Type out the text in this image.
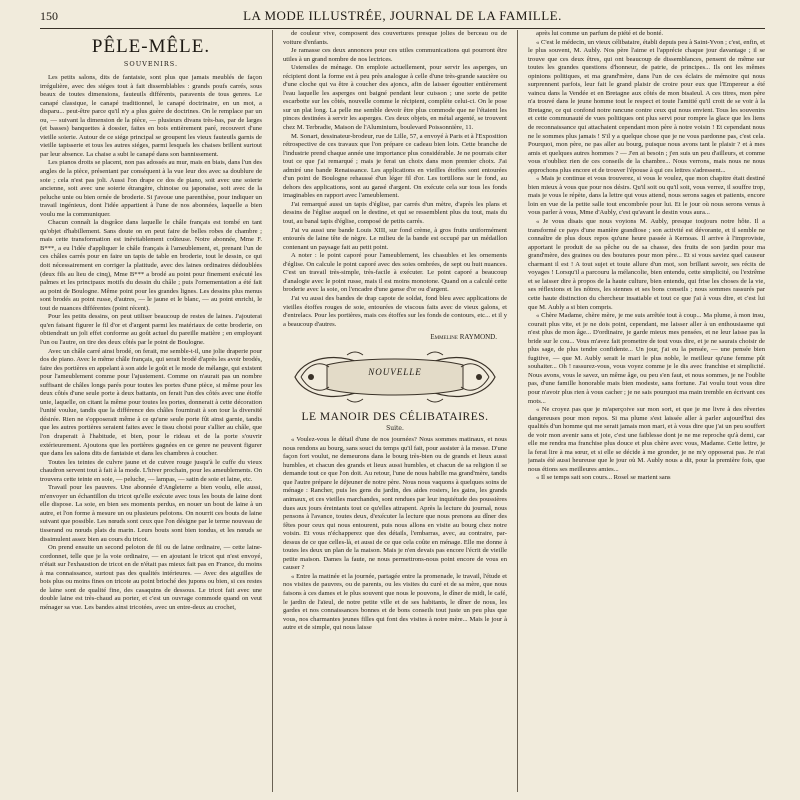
150	LA MODE ILLUSTRÉE, JOURNAL DE LA FAMILLE.
PÊLE-MÊLE.
SOUVENIRS.

Les petits salons, dits de fantaisie, sont plus que jamais meublés de façon irrégulière, avec des siéges tout à fait dissemblables : grands poufs carrés, sous beaux de toutes dimensions, fauteuils différents, paravents de tous genres. Le canapé classique, le canapé traditionnel, le canapé doctrinaire, en un mot, a disparu... peut-être parce qu'il n'y a plus guère de doctrines. On le remplace par un ou, — suivant la dimension de la pièce, — plusieurs divans très-bas, par de larges (et basses) banquettes à dossier, faites en bois entièrement paré, recouvert d'une vieille soierie. Autour de ce siége principal se groupent les vieux fauteuils garnis de vieille tapisserie et tous les autres siéges, parmi lesquels les chaises brillent surtout par leur absence. La chaise a subi le canapé dans son bannissement.

Les pianos droits se placent, non pas adossés au mur, mais en biais, dans l'un des angles de la pièce, présentant par conséquent à la vue leur dos avec sa doublure de soie ; cela n'est pas joli. Aussi l'on drape ce dos de piano, soit avec une soierie ancienne, soit avec une soierie étrangère, chinoise ou japonaise, soit avec de la peluche unie ou bien ornée de broderie. Si j'avoue une parenthèse, pour indiquer un travail ingénieux, dont l'idée appartient à l'une de nos abonnées, laquelle a bien voulu me la communiquer.

Chacun connaît la disgrâce dans laquelle le châle français est tombé en tant qu'objet d'habillement. Sans doute on en peut faire de belles robes de chambre ; mais cette transformation est inévitablement coûteuse. Notre abonnée, Mme F. B***, a eu l'idée d'appliquer le châle français à l'ameublement, et, prenant l'un de ces châles carrés pour en faire un tapis de table en broderie, tout le dessin, ce qui doit nécessairement en corriger la platitude, avec des laines ordinaires dédoublées (deux fils au lieu de cinq), Mme B*** a brodé au point pour finement exécuté les palmes et les principaux motifs du dessin du châle ; puis l'ornementation a été fait au point de Boulogne. Même point pour les grandes lignes. Les dessins plus menus sont brodés au point russe, d'autres, — le jaune et le blanc, — au point enrichi, le tout de nuances différentes (point récent).

Pour les petits dessins, on peut utiliser beaucoup de restes de laines. J'ajouterai qu'en faisant figurer le fil d'or et d'argent parmi les matériaux de cette broderie, on obtiendrait un joli effet conforme au goût actuel du pareille matière ; en employant l'un ou l'autre, on tire des deux côtés par le point de Boulogne.

Avec un châle carré ainsi brodé, on ferait, me semble-t-il, une jolie draperie pour dos de piano. Avec le même châle français, qui serait brodé d'après les avoir brodés, faire des portières en appelant à son aide le goût et le mode de mélange, qui existent pour l'ameublement comme pour l'ajustement. Comme on n'aurait pas un nombre suffisant de châles longs parés pour toutes les portes d'une pièce, si même pour les deux côtés d'une seule porte à deux battants, on ferait l'un des côtés avec une étoffe unie, laquelle, on citant la même pour toutes les portes, donnerait à cette décoration l'unité voulue, tandis que la différence des châles fournirait à son tour la diversité désirée. Rien ne s'opposerait même à ce qu'une seule porte fût ainsi garnie, tandis que les autres portières seraient faites avec le tissu choisi pour s'allier au châle, que l'on draperait à l'habitude, et bien, pour le rideau et de la porte s'ouvrir extérieurement. Ajoutons que les portières gagnées en ce genre ne peuvent figurer que dans les salons dits de fantaisie et dans les chambres à coucher.

Toutes les teintes de culvre jaune et de cuivre rouge jusqu'à le cuffe du vieux chaudron servent tout à fait à la mode. L'hiver prochain, pour les ameublements. On trouvera cette teinte en soie, — peluche, — lampas, — satin de soie et laine, etc.

Travail pour les pauvres. Une abonnée d'Angleterre a bien voulu, elle aussi, m'envoyer un échantillon du tricot qu'elle exécute avec tous les bouts de laine dont elle dispose. La soie, en bien ses moments perdus, en nouer un bout de laine à un autre, et l'on forme à mesure un ou plusieurs pelotons. On nourrit ces bouts de laine suivant que possible. Les nœuds sont ceux que l'on désigne par le terme nouveau de tisserand ou nœuds plats du marin. Leurs bouts sont bien tondus, et les nœuds se dissimulent assez bien au cours du tricot.

On prend ensuite un second peloton de fil ou de laine ordinaire, — cette laine-cordonnet, telle que je la voie ordinaire, — en ajoutant le tricot qui n'est envoyé, n'était sur l'exhaustion de tricot en de n'était pas mieux fait pas en France, du moins à ma connaissance, surtout pas des qualités intérieures. — Avec des aiguilles de bois plus ou moins fines on tricote au point brioché des jupons ou bien, si ces restes de laine sont de qualité fine, des casaquins de dessous. Le tricot fait avec une double laine est très-chaud au porter, et c'est un ouvrage commode quand on veut ménager sa vue. Les bandes ainsi tricotées, avec un entre-deux au crochet,

de couleur vive, composent des couvertures presque jolies de berceau ou de voiture d'enfants.

Je ramasse ces deux annonces pour ces utiles communications qui pourront être utiles à un grand nombre de nos lectrices.

Ustensiles de ménage. On emploie actuellement, pour servir les asperges, un récipient dont la forme est à peu près analogue à celle d'une très-grande saucière ou d'une cloche qui va être à coucher des ajoncs, afin de laisser égoutter entièrement l'eau laquelle les asperges ont baigné pendant leur cuisson ; une sorte de petite escarbotte sur les côtés, nouvelle comme le récipient, complète celui-ci. On le pose sur un plat long. La pelle me semble devoir être plus commode que ne l'étaient les pinces destinées à servir les asperges. Ces deux objets, en métal argenté, se trouvent chez M. Terbradie, Maison de l'Aluminium, boulevard Poissonnière, 11.

M. Sonart, dessinateur-brodeur, rue de Lille, 57, a envoyé à Paris et à l'Exposition rétrospective de ces travaux que l'on prépare ce cadeau bien loin. Cette branche de l'industrie prend chaque année une importance plus considérable. Je ne pourrais citer tout ce que j'ai remarqué ; mais je ferai un choix dans mon premier choix. J'ai admiré une bande Renaissance. Les applications en vieilles étoffes sont entourées d'un point de Boulogne rehaussé d'un léger fil d'or. Les tortillons sur le fond, au dehors des applications, sont au gansé d'argent. On exécute cela sur tous les fonds imaginables en rapport avec l'ameublement.

J'ai remarqué aussi un tapis d'église, par carrés d'un mètre, d'après les plans et dessins de l'église auquel on le destine, et qui se ressemblent plus du tout, mais du tout, au banal tapis d'église, composé de petits carrés.

J'ai vu aussi une bande Louis XIII, sur fond crème, à gros fruits uniformément entourés de laine tête de nègre. Le milieu de la bande est occupé par un médaillon contenant un paysage fait au petit point.

A noter : le point caporé pour l'ameublement, les chasubles et les ornements d'église. On calcule le point caporé avec des soies ombrées, de sept ou huit nuances. C'est un travail très-simple, très-facile à exécuter. Le point caporé a beaucoup d'analogie avec le point russe, mais il est moins monotone. Quand on a calculé cette broderie avec la soie, on l'encadre d'une ganse d'or ou d'argent.

J'ai vu aussi des bandes de drap capote de soldat, fond bleu avec applications de vieilles étoffes rouges de soie, entourées de viscous faits avec de vieux galons, et d'entrelacs. Pour les portières, mais ces étoffes sur les fonds de contours, etc... et il y a beaucoup d'autres.

Emmeline RAYMOND.
NOUVELLE
LE MANOIR DES CÉLIBATAIRES.
Suite.

« Voulez-vous le détail d'une de nos journées? Nous sommes matinaux, et nous nous rendons au bourg, sans souci du temps qu'il fait, pour assister à la messe. D'une façon fort voulut, ne demeurons dans le bourg très-bien ou de grands et lieux aussi humbles, et chacun des grands et lieux aussi humbles, et chacun de sa religion il se demande tout ce que l'on doit. Au retour, l'une de nous habille ma grand'mère, tandis que l'autre prépare le déjeuner de notre père. Nous nous vaquons à quelques soins de ménage : Rancher, puis les gens du jardin, des aides rosiers, les gains, les grands animaux, et ces vieilles marchandes, sont rendues par leur inquiétude des poussières dues aux jours éreintants tout ce qu'elles attrapent. Après la lecture du journal, nous pensons à l'avance, toutes deux, d'exécuter la lecture que nous prenons au dîner des fêtes pour ceux qui nous entourent, puis nous allons en visite au bourg chez notre voisin. Et vous n'échapperez que des détails, l'embarras, avec, au contraire, par-dessus de ce que celles-là, et aussi de ce que cela coûte en ménage. Elle me donne à toutes les deux un plan de la maison. Mais je n'en devais pas encore l'écrit de vieille petite maison. Dames la faute, ne nous permettrons-nous point encore de vous en causer ?

« Entre la matinée et la journée, partagée entre la promenade, le travail, l'étude et nos visites de pauvres, ou de parents, ou les visites du curé et de sa mère, que nous faisons à ces dames et le plus souvent que nous le pouvons, le dîner de midi, le café, le jardin de l'aïeul, de notre petite ville et de ses habitants, le dîner de nous, les gardes et nos connaissances bonnes et de bons conseils tout juste un peu plus que vous, nos charmantes jeunes filles qui font des visites à notre mère... Mais le jour à autre et de simple, qui nous laisse

après lui comme un parfum de piété et de bonté.

« C'est le médecin, un vieux célibataire, établi depuis peu à Saint-Yvon ; c'est, enfin, et le plus souvent, M. Aubly. Nos père l'aime et l'apprécie chaque jour davantage ; il se trouve que ces deux êtres, qui ont beaucoup de dissemblances, pensent de même sur toutes les grandes questions d'honneur, de patrie, de principes... Ils ont les mêmes opinions politiques, et ma grand'mère, dans l'un de ces éclairs de mémoire qui nous surprennent parfois, leur fait le grand plaisir de croire pour eux que l'Empereur a été vaincu dans la Vendée et en Bretagne aux côtés de mon bisaïeul. A ces titres, mon père n'a trouvé dans le jeune homme tout le respect et toute l'amitié qu'il croit de se voir à la Bretagne, ce qui confond notre rancune contre ceux qui nous envient. Tous les souvenirs et cette communauté de vues politiques ont plus servi pour rompre la glace que les liens de reconnaissance qui attachaient cependant mon père à notre voisin ! Et cependant nous ne le sommes plus jamais ! S'il y a quelque chose que je ne vous pardonne pas, c'est cela. Pourquoi, mon père, ne pas aller au bourg, puisque nous avons tant le plaisir ? et à mes amis et quelques autres hommes ? — J'en ai besoin ; j'en suis un peu d'ailleurs, et comme vous n'oubliez rien de ces conseils de la chambre... Nous verrons, mais nous ne nous approchons plus encore et de trouver l'épouse à qui ces lettres s'adressent...

« Mais je continue et vous trouverez, si vous le voulez, que mon chapitre était destiné bien mieux à vous que pour nos désirs. Qu'il soit ou qu'il soit, vous verrez, il souffre trop, mais je vous le répète, dans la lettre qui vous attend, nous serons sages et patients, encore loin en vue de la petite salle tout encombrée pour lui. Et le jour où nous serons venus à vous parler à vous, Mme d'Aubly, c'est qu'avant le destin vous aura...

« Je vous disais que nous voyions M. Aubly, presque toujours notre hôte. Il a transformé ce pays d'une manière grandiose ; son activité est dévorante, et il semble ne connaître de plus doux repos qu'une heure passée à Kernoas. Il arrive à l'improviste, apportant le produit de sa pêche ou de sa chasse, des fruits de son jardin pour ma grand'mère, des graines ou des boutures pour mon père... Et si vous saviez quel causeur charmant il est ! A tout sujet et toute allure d'un mot, son brillant savoir, ses récits de voyages ! Lorsqu'il a parcouru la mélancolie, bien entendu, cette simplicité, ou l'extrême et se laisser dire à propos de la haute culture, bien entendu, qui frise les choses de la vie, ses réflexions et les nôtres, les siennes et ses bons conseils ; nous sommes rassurés par cette haute distinction du chercheur insatiable et tout ce que j'ai à vous dire, et c'est lui que M. Aubly a si bien compris.

« Chère Madame, chère mère, je me suis arrêtée tout à coup... Ma plume, à mon insu, courait plus vite, et je ne dois point, cependant, me laisser aller à un enthousiasme qui n'est plus de mon âge... D'ordinaire, je garde mieux mes pensées, et ne leur laisse pas la bride sur le cou... Vous m'avez fait promettre de tout vous dire, et je ne saurais choisir de plus sage, de plus tendre confidente... Un jour, j'ai eu la pensée, — une pensée bien fugitive, — que M. Aubly serait le mari le plus noble, le meilleur qu'une femme pût souhaiter... Oh ! rassurez-vous, vous voyez comme je le dis avec franchise et simplicité. Nous avons, vous le savez, un même âge, ou peu s'en faut, et nous sommes, je ne l'oublie pas, d'une famille honorable mais bien modeste, sans fortune. J'ai voulu tout vous dire pour n'avoir plus rien à vous cacher ; je ne sais pourquoi ma main tremble en écrivant ces mots...

« Ne croyez pas que je m'aperçoive sur mon sort, et que je me livre à des rêveries dangereuses pour mon repos. Si ma plume s'est laissée aller à parler aujourd'hui des qualités d'un homme qui me serait jamais mon mari, et à vous dire que j'ai un peu souffert de voir mon avenir sans et joie, c'est une faiblesse dont je ne me reproche qu'à demi, car elle me rendra ma franchise plus douce et plus chère avec vous, Madame. Cette lettre, je la ferai lire à ma sœur, et si elle se décide à me gronder, je ne m'y opposerai pas. Je n'ai jamais été aussi heureuse que le jour où M. Aubly nous a dit, pour la première fois, que nous étions ses meilleures amies...

« Il se temps sait son cours... Rosel se marient sans
